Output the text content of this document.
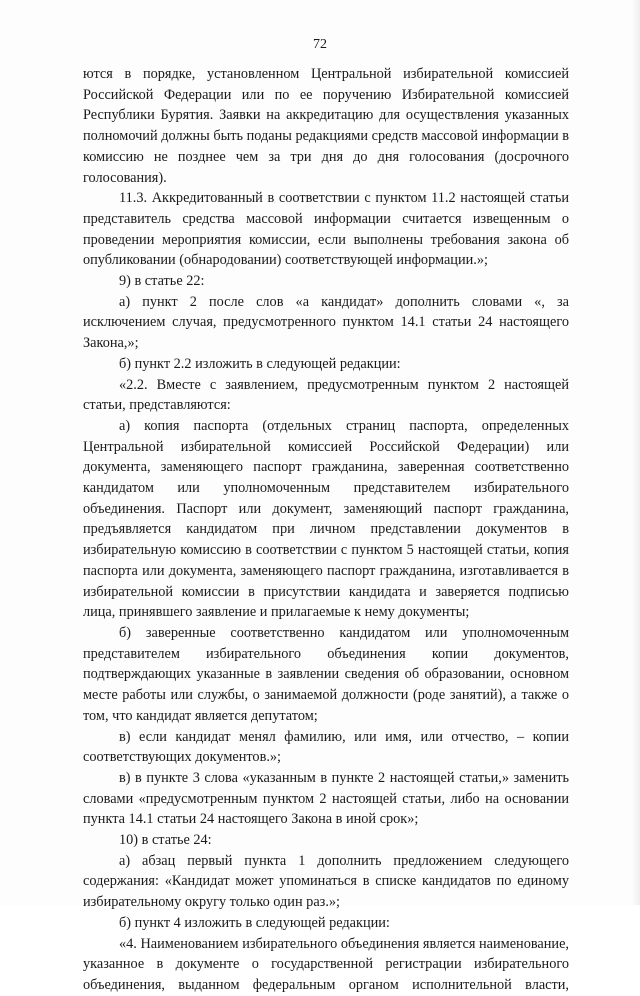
72

ются в порядке, установленном Центральной избирательной комиссией Российской Федерации или по ее поручению Избирательной комиссией Республики Бурятия. Заявки на аккредитацию для осуществления указанных полномочий должны быть поданы редакциями средств массовой информации в комиссию не позднее чем за три дня до дня голосования (досрочного голосования).

11.3. Аккредитованный в соответствии с пунктом 11.2 настоящей статьи представитель средства массовой информации считается извещенным о проведении мероприятия комиссии, если выполнены требования закона об опубликовании (обнародовании) соответствующей информации.»;

9) в статье 22:

а) пункт 2 после слов «а кандидат» дополнить словами «, за исключением случая, предусмотренного пунктом 14.1 статьи 24 настоящего Закона,»;

б) пункт 2.2 изложить в следующей редакции:

«2.2. Вместе с заявлением, предусмотренным пунктом 2 настоящей статьи, представляются:

а) копия паспорта (отдельных страниц паспорта, определенных Центральной избирательной комиссией Российской Федерации) или документа, заменяющего паспорт гражданина, заверенная соответственно кандидатом или уполномоченным представителем избирательного объединения. Паспорт или документ, заменяющий паспорт гражданина, предъявляется кандидатом при личном представлении документов в избирательную комиссию в соответствии с пунктом 5 настоящей статьи, копия паспорта или документа, заменяющего паспорт гражданина, изготавливается в избирательной комиссии в присутствии кандидата и заверяется подписью лица, принявшего заявление и прилагаемые к нему документы;

б) заверенные соответственно кандидатом или уполномоченным представителем избирательного объединения копии документов, подтверждающих указанные в заявлении сведения об образовании, основном месте работы или службы, о занимаемой должности (роде занятий), а также о том, что кандидат является депутатом;

в) если кандидат менял фамилию, или имя, или отчество, – копии соответствующих документов.»;

в) в пункте 3 слова «указанным в пункте 2 настоящей статьи,» заменить словами «предусмотренным пунктом 2 настоящей статьи, либо на основании пункта 14.1 статьи 24 настоящего Закона в иной срок»;

10) в статье 24:

а) абзац первый пункта 1 дополнить предложением следующего содержания: «Кандидат может упоминаться в списке кандидатов по единому избирательному округу только один раз.»;

б) пункт 4 изложить в следующей редакции:

«4. Наименованием избирательного объединения является наименование, указанное в документе о государственной регистрации избирательного объединения, выданном федеральным органом исполнительной власти,
